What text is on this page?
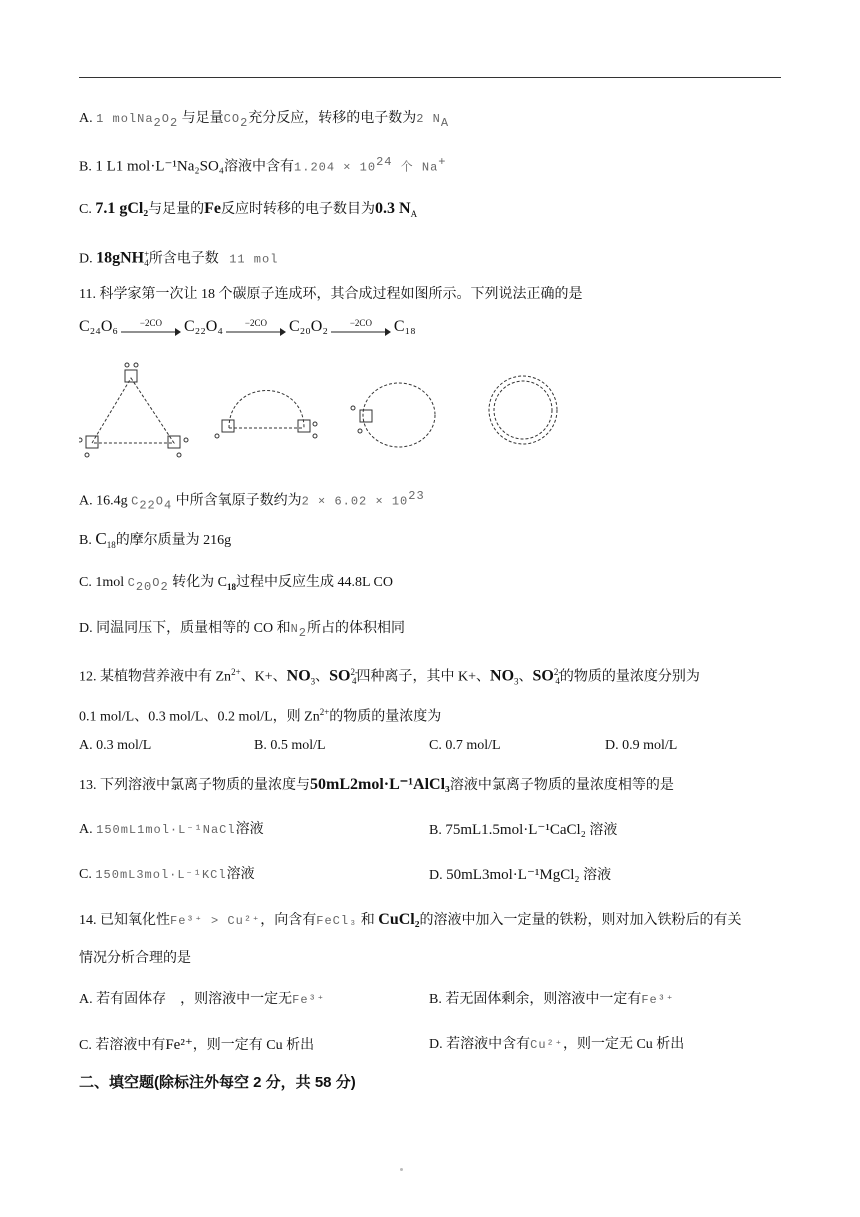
A. 1 $molNa_2O_2$ 与足量$CO_2$充分反应，转移的电子数为2 $N_A$
B. 1 L1 mol·L⁻¹Na₂SO₄溶液中含有$1.204 \times 10^{24}$ 个 Na+
C. 7.1 gCl₂与足量的Fe反应时转移的电子数目为0.3 $N_A$
D. 18gNH+$_4$所含电子数 11 mol
11. 科学家第一次让 18 个碳原子连成环，其合成过程如图所示。下列说法正确的是
C₂₄O₆ −2CO C₂₂O₄ −2CO C₂₀O₂ −2CO C₁₈
A. 16.4g $C_{22}O_4$ 中所含氧原子数约为$2 \times 6.02 \times 10^{23}$
B. $C_{18}$的摩尔质量为 216g
C. 1mol $C_{20}O_2$ 转化为 $C_{18}$过程中反应生成 44.8L CO
D. 同温同压下，质量相等的 CO 和$N_2$所占的体积相同
12. 某植物营养液中有 $Zn^{2+}$、K+、$NO_3$、$SO^{2-}_4$四种离子，其中 K+、$NO_3$、$SO^{2-}_4$的物质的量浓度分别为
0.1 mol/L、0.3 mol/L、0.2 mol/L，则 $Zn^{2+}$的物质的量浓度为
A. 0.3 mol/L	B. 0.5 mol/L	C. 0.7 mol/L	D. 0.9 mol/L
13. 下列溶液中氯离子物质的量浓度与50mL2mol·L⁻¹AlCl₃溶液中氯离子物质的量浓度相等的是
A. 150mL1mol·L⁻¹NaCl溶液	B. 75mL1.5mol·L⁻¹CaCl₂ 溶液
C. 150mL3mol·L⁻¹KCl溶液	D. 50mL3mol·L⁻¹MgCl₂ 溶液
14. 已知氧化性Fe³⁺ > Cu²⁺，向含有FeCl₃ 和 CuCl₂的溶液中加入一定量的铁粉，则对加入铁粉后的有关
情况分析合理的是
A. 若有固体存　，则溶液中一定无Fe³⁺	B. 若无固体剩余，则溶液中一定有Fe³⁺
C. 若溶液中有Fe²⁺，则一定有 Cu 析出	D. 若溶液中含有Cu²⁺，则一定无 Cu 析出
二、填空题(除标注外每空 2 分，共 58 分)
